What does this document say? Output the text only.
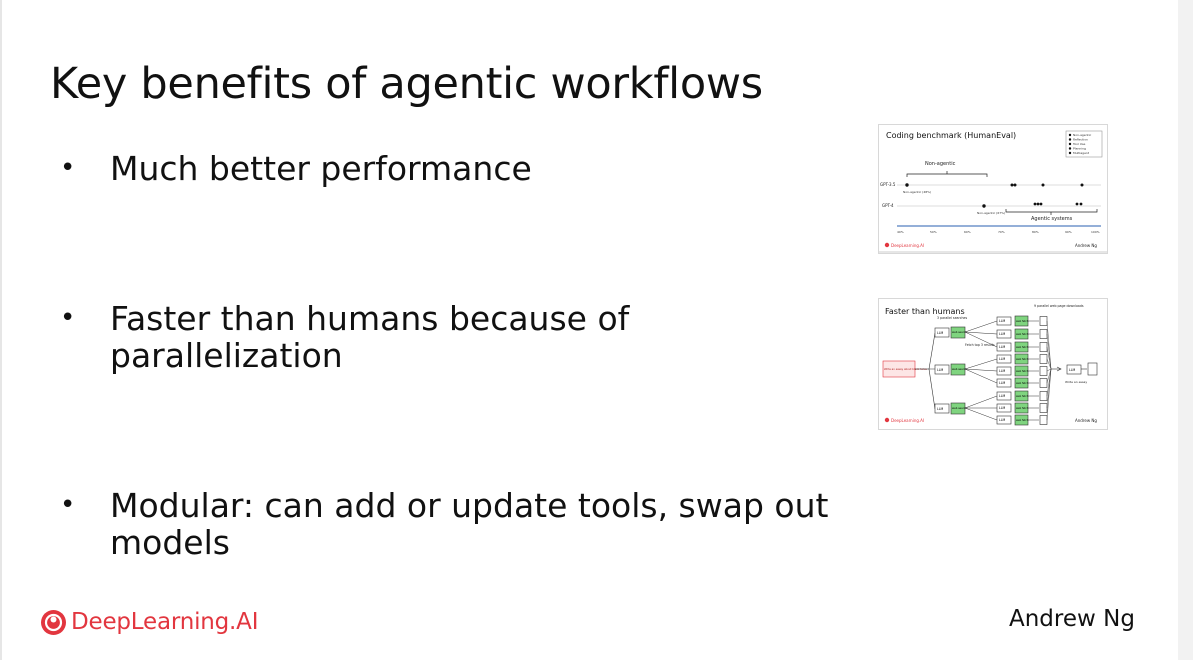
Key benefits of agentic workflows
• Much better performance
• Faster than humans because of parallelization
• Modular: can add or update tools, swap out models
Coding benchmark (HumanEval)	Non-agentic
Reflection
Tool Use
Planning
Multiagent
Non-agentic
GPT-3.5
GPT-4
Non-agentic (48%)
Non-agentic (67%)
Agentic systems
40%	50%	60%	70%	80%	90%	100%
DeepLearning.AI	Andrew Ng
Faster than humans
3 parallel searches
9 parallel web page downloads
Fetch top 3 results
Write an essay about black holes
LLM	web search
LLM	web search
LLM	web search
LLM	web fetch
LLM	web fetch
LLM	web fetch
LLM	web fetch
LLM	web fetch
LLM	web fetch
LLM	web fetch
LLM	web fetch
LLM	web fetch
LLM
Write an essay
DeepLearning.AI	Andrew Ng
DeepLearning.AI	Andrew Ng
